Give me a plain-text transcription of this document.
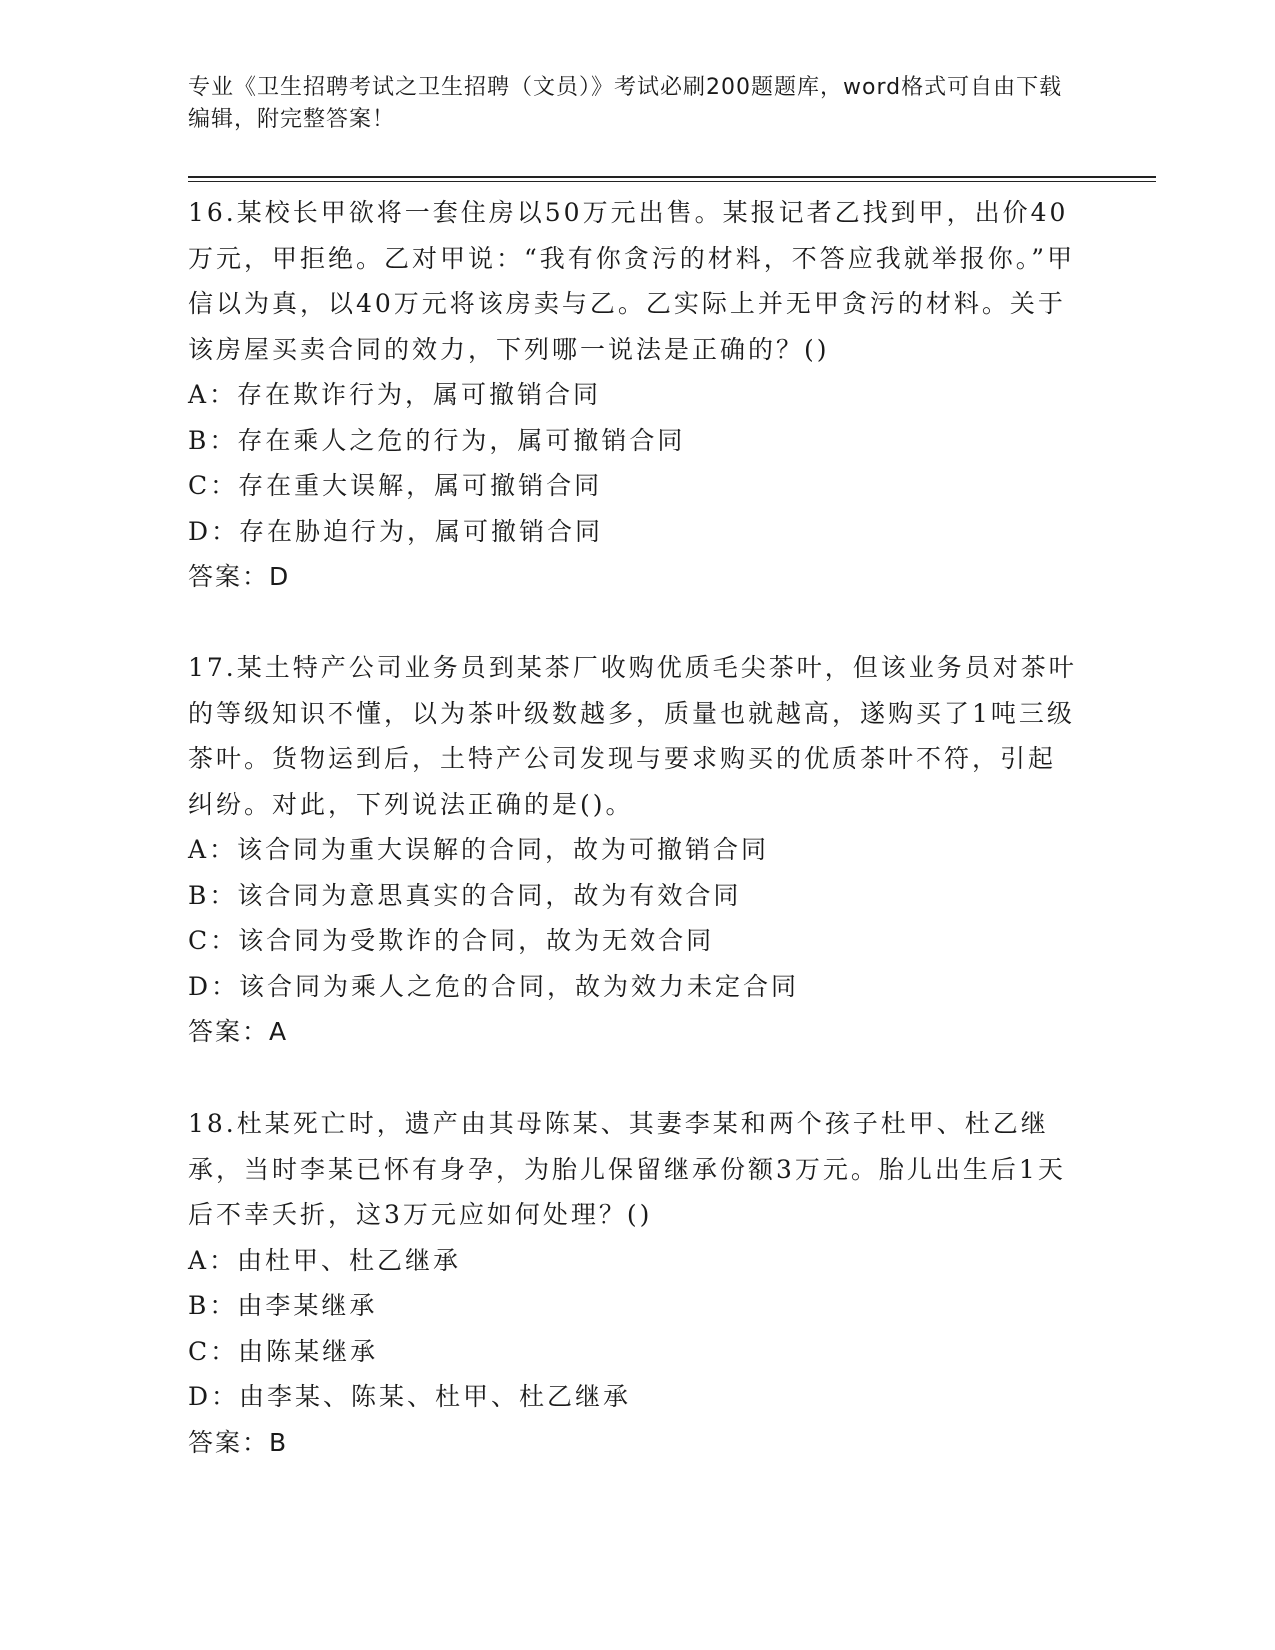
专业《卫生招聘考试之卫生招聘（文员）》考试必刷200题题库，word格式可自由下载编辑，附完整答案！

16.某校长甲欲将一套住房以50万元出售。某报记者乙找到甲，出价40万元，甲拒绝。乙对甲说：“我有你贪污的材料，不答应我就举报你。”甲信以为真，以40万元将该房卖与乙。乙实际上并无甲贪污的材料。关于该房屋买卖合同的效力，下列哪一说法是正确的？()

A：存在欺诈行为，属可撤销合同

B：存在乘人之危的行为，属可撤销合同

C：存在重大误解，属可撤销合同

D：存在胁迫行为，属可撤销合同

答案：D

17.某土特产公司业务员到某茶厂收购优质毛尖茶叶，但该业务员对茶叶的等级知识不懂，以为茶叶级数越多，质量也就越高，遂购买了1吨三级茶叶。货物运到后，土特产公司发现与要求购买的优质茶叶不符，引起纠纷。对此，下列说法正确的是()。

A：该合同为重大误解的合同，故为可撤销合同

B：该合同为意思真实的合同，故为有效合同

C：该合同为受欺诈的合同，故为无效合同

D：该合同为乘人之危的合同，故为效力未定合同

答案：A

18.杜某死亡时，遗产由其母陈某、其妻李某和两个孩子杜甲、杜乙继承，当时李某已怀有身孕，为胎儿保留继承份额3万元。胎儿出生后1天后不幸夭折，这3万元应如何处理？()

A：由杜甲、杜乙继承

B：由李某继承

C：由陈某继承

D：由李某、陈某、杜甲、杜乙继承

答案：B
